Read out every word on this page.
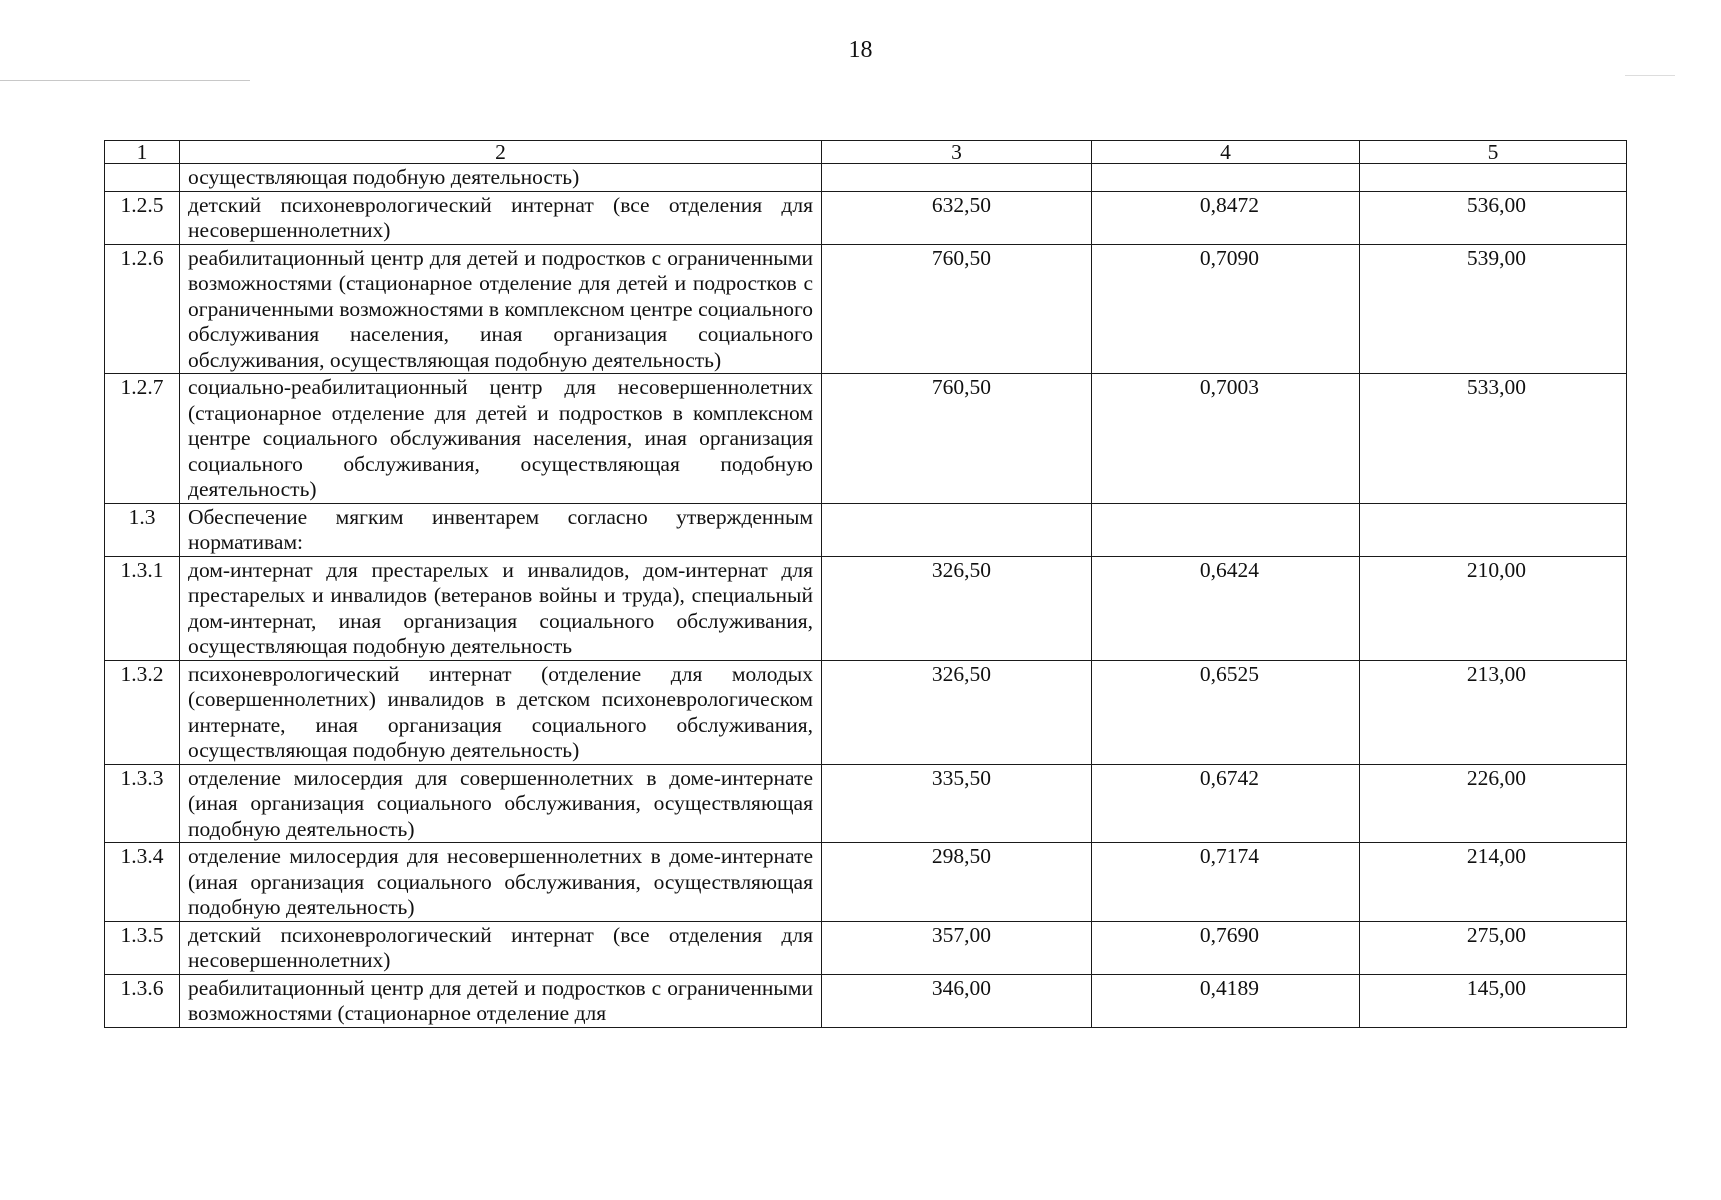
18
1	2	3	4	5
	осуществляющая подобную деятельность)			
1.2.5	детский психоневрологический интернат (все отделения для несовершеннолетних)	632,50	0,8472	536,00
1.2.6	реабилитационный центр для детей и подростков с ограниченными возможностями (стационарное отделение для детей и подростков с ограниченными возможностями в комплексном центре социального обслуживания населения, иная организация социального обслуживания, осуществляющая подобную деятельность)	760,50	0,7090	539,00
1.2.7	социально-реабилитационный центр для несовершеннолетних (стационарное отделение для детей и подростков в комплексном центре социального обслуживания населения, иная организация социального обслуживания, осуществляющая подобную деятельность)	760,50	0,7003	533,00
1.3	Обеспечение мягким инвентарем согласно утвержденным нормативам:			
1.3.1	дом-интернат для престарелых и инвалидов, дом-интернат для престарелых и инвалидов (ветеранов войны и труда), специальный дом-интернат, иная организация социального обслуживания, осуществляющая подобную деятельность	326,50	0,6424	210,00
1.3.2	психоневрологический интернат (отделение для молодых (совершеннолетних) инвалидов в детском психоневрологическом интернате, иная организация социального обслуживания, осуществляющая подобную деятельность)	326,50	0,6525	213,00
1.3.3	отделение милосердия для совершеннолетних в доме-интернате (иная организация социального обслуживания, осуществляющая подобную деятельность)	335,50	0,6742	226,00
1.3.4	отделение милосердия для несовершеннолетних в доме-интернате (иная организация социального обслуживания, осуществляющая подобную деятельность)	298,50	0,7174	214,00
1.3.5	детский психоневрологический интернат (все отделения для несовершеннолетних)	357,00	0,7690	275,00
1.3.6	реабилитационный центр для детей и подростков с ограниченными возможностями (стационарное отделение для	346,00	0,4189	145,00
